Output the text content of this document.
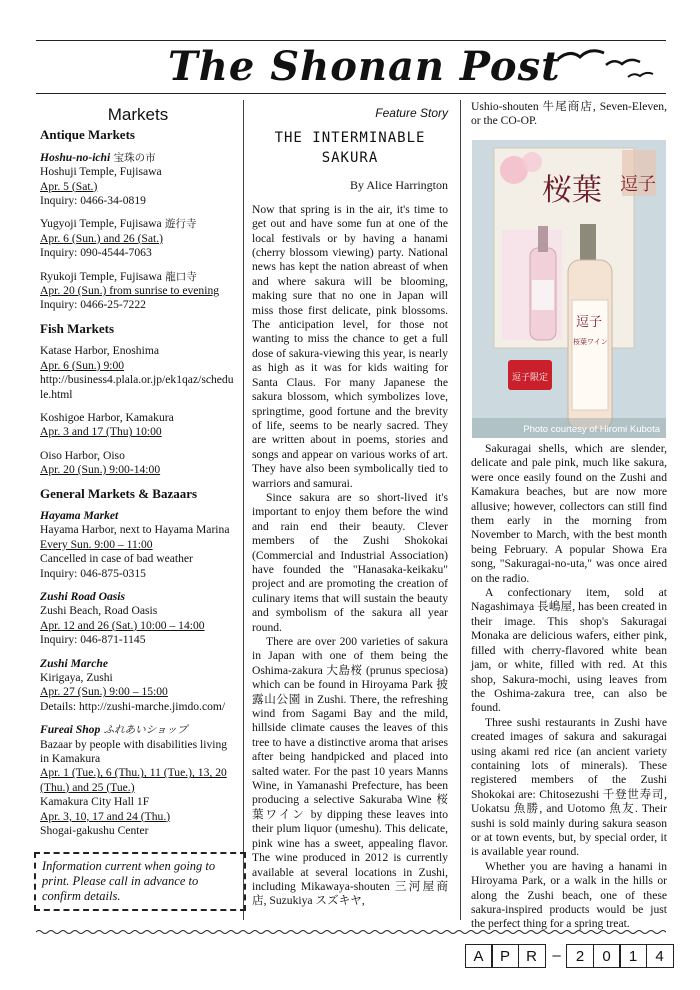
The Shonan Post
Markets
Antique Markets
Hoshu-no-ichi 宝珠の市
Hoshuji Temple, Fujisawa
Apr. 5 (Sat.)
Inquiry: 0466-34-0819
Yugyoji Temple, Fujisawa 遊行寺
Apr. 6 (Sun.) and 26 (Sat.)
Inquiry: 090-4544-7063
Ryukoji Temple, Fujisawa 龍口寺
Apr. 20 (Sun.) from sunrise to evening
Inquiry: 0466-25-7222
Fish Markets
Katase Harbor, Enoshima
Apr. 6 (Sun.) 9:00
http://business4.plala.or.jp/ek1qaz/schedule.html
Koshigoe Harbor, Kamakura
Apr. 3 and 17 (Thu) 10:00
Oiso Harbor, Oiso
Apr. 20 (Sun.) 9:00-14:00
General Markets & Bazaars
Hayama Market
Hayama Harbor, next to Hayama Marina
Every Sun. 9:00 – 11:00
Cancelled in case of bad weather
Inquiry: 046-875-0315
Zushi Road Oasis
Zushi Beach, Road Oasis
Apr. 12 and 26 (Sat.) 10:00 – 14:00
Inquiry: 046-871-1145
Zushi Marche
Kirigaya, Zushi
Apr. 27 (Sun.) 9:00 – 15:00
Details: http://zushi-marche.jimdo.com/
Fureai Shop ふれあいショップ
Bazaar by people with disabilities living in Kamakura
Apr. 1 (Tue.), 6 (Thu.), 11 (Tue.), 13, 20 (Thu.) and 25 (Tue.)
Kamakura City Hall 1F
Apr. 3, 10, 17 and 24 (Thu.)
Shogai-gakushu Center
Information current when going to print. Please call in advance to confirm details.
Feature Story
THE INTERMINABLE SAKURA
By Alice Harrington

Now that spring is in the air, it's time to get out and have some fun at one of the local festivals or by having a hanami (cherry blossom viewing) party. National news has kept the nation abreast of when and where sakura will be blooming, making sure that no one in Japan will miss those first delicate, pink blossoms. The anticipation level, for those not wanting to miss the chance to get a full dose of sakura-viewing this year, is nearly as high as it was for kids waiting for Santa Claus. For many Japanese the sakura blossom, which symbolizes love, springtime, good fortune and the brevity of life, seems to be nearly sacred. They are written about in poems, stories and songs and appear on various works of art. They have also been symbolically tied to warriors and samurai.

Since sakura are so short-lived it's important to enjoy them before the wind and rain end their beauty. Clever members of the Zushi Shokokai (Commercial and Industrial Association) have founded the "Hanasaka-keikaku" project and are promoting the creation of culinary items that will sustain the beauty and symbolism of the sakura all year round.

There are over 200 varieties of sakura in Japan with one of them being the Oshima-zakura 大島桜 (prunus speciosa) which can be found in Hiroyama Park 披露山公園 in Zushi. There, the refreshing wind from Sagami Bay and the mild, hillside climate causes the leaves of this tree to have a distinctive aroma that arises after being handpicked and placed into salted water. For the past 10 years Manns Wine, in Yamanashi Prefecture, has been producing a selective Sakuraba Wine 桜葉ワイン by dipping these leaves into their plum liquor (umeshu). This delicate, pink wine has a sweet, appealing flavor. The wine produced in 2012 is currently available at several locations in Zushi, including Mikawaya-shouten 三河屋商店, Suzukiya スズキヤ,

Ushio-shouten 牛尾商店, Seven-Eleven, or the CO-OP.

逗子
桜葉
逗子限定
逗子
桜葉ワイン
Photo courtesy of Hiromi Kubota

Sakuragai shells, which are slender, delicate and pale pink, much like sakura, were once easily found on the Zushi and Kamakura beaches, but are now more allusive; however, collectors can still find them early in the morning from November to March, with the best month being February. A popular Showa Era song, "Sakuragai-no-uta," was once aired on the radio.

A confectionary item, sold at Nagashimaya 長嶋屋, has been created in their image. This shop's Sakuragai Monaka are delicious wafers, either pink, filled with cherry-flavored white bean jam, or white, filled with red. At this shop, Sakura-mochi, using leaves from the Oshima-zakura tree, can also be found.

Three sushi restaurants in Zushi have created images of sakura and sakuragai using akami red rice (an ancient variety containing lots of minerals). These registered members of the Zushi Shokokai are: Chitosezushi 千登世寿司, Uokatsu 魚勝, and Uotomo 魚友. Their sushi is sold mainly during sakura season or at town events, but, by special order, it is available year round.

Whether you are having a hanami in Hiroyama Park, or a walk in the hills or along the Zushi beach, one of these sakura-inspired products would be just the perfect thing for a spring treat.

A	P	R	–	2	0	1	4
